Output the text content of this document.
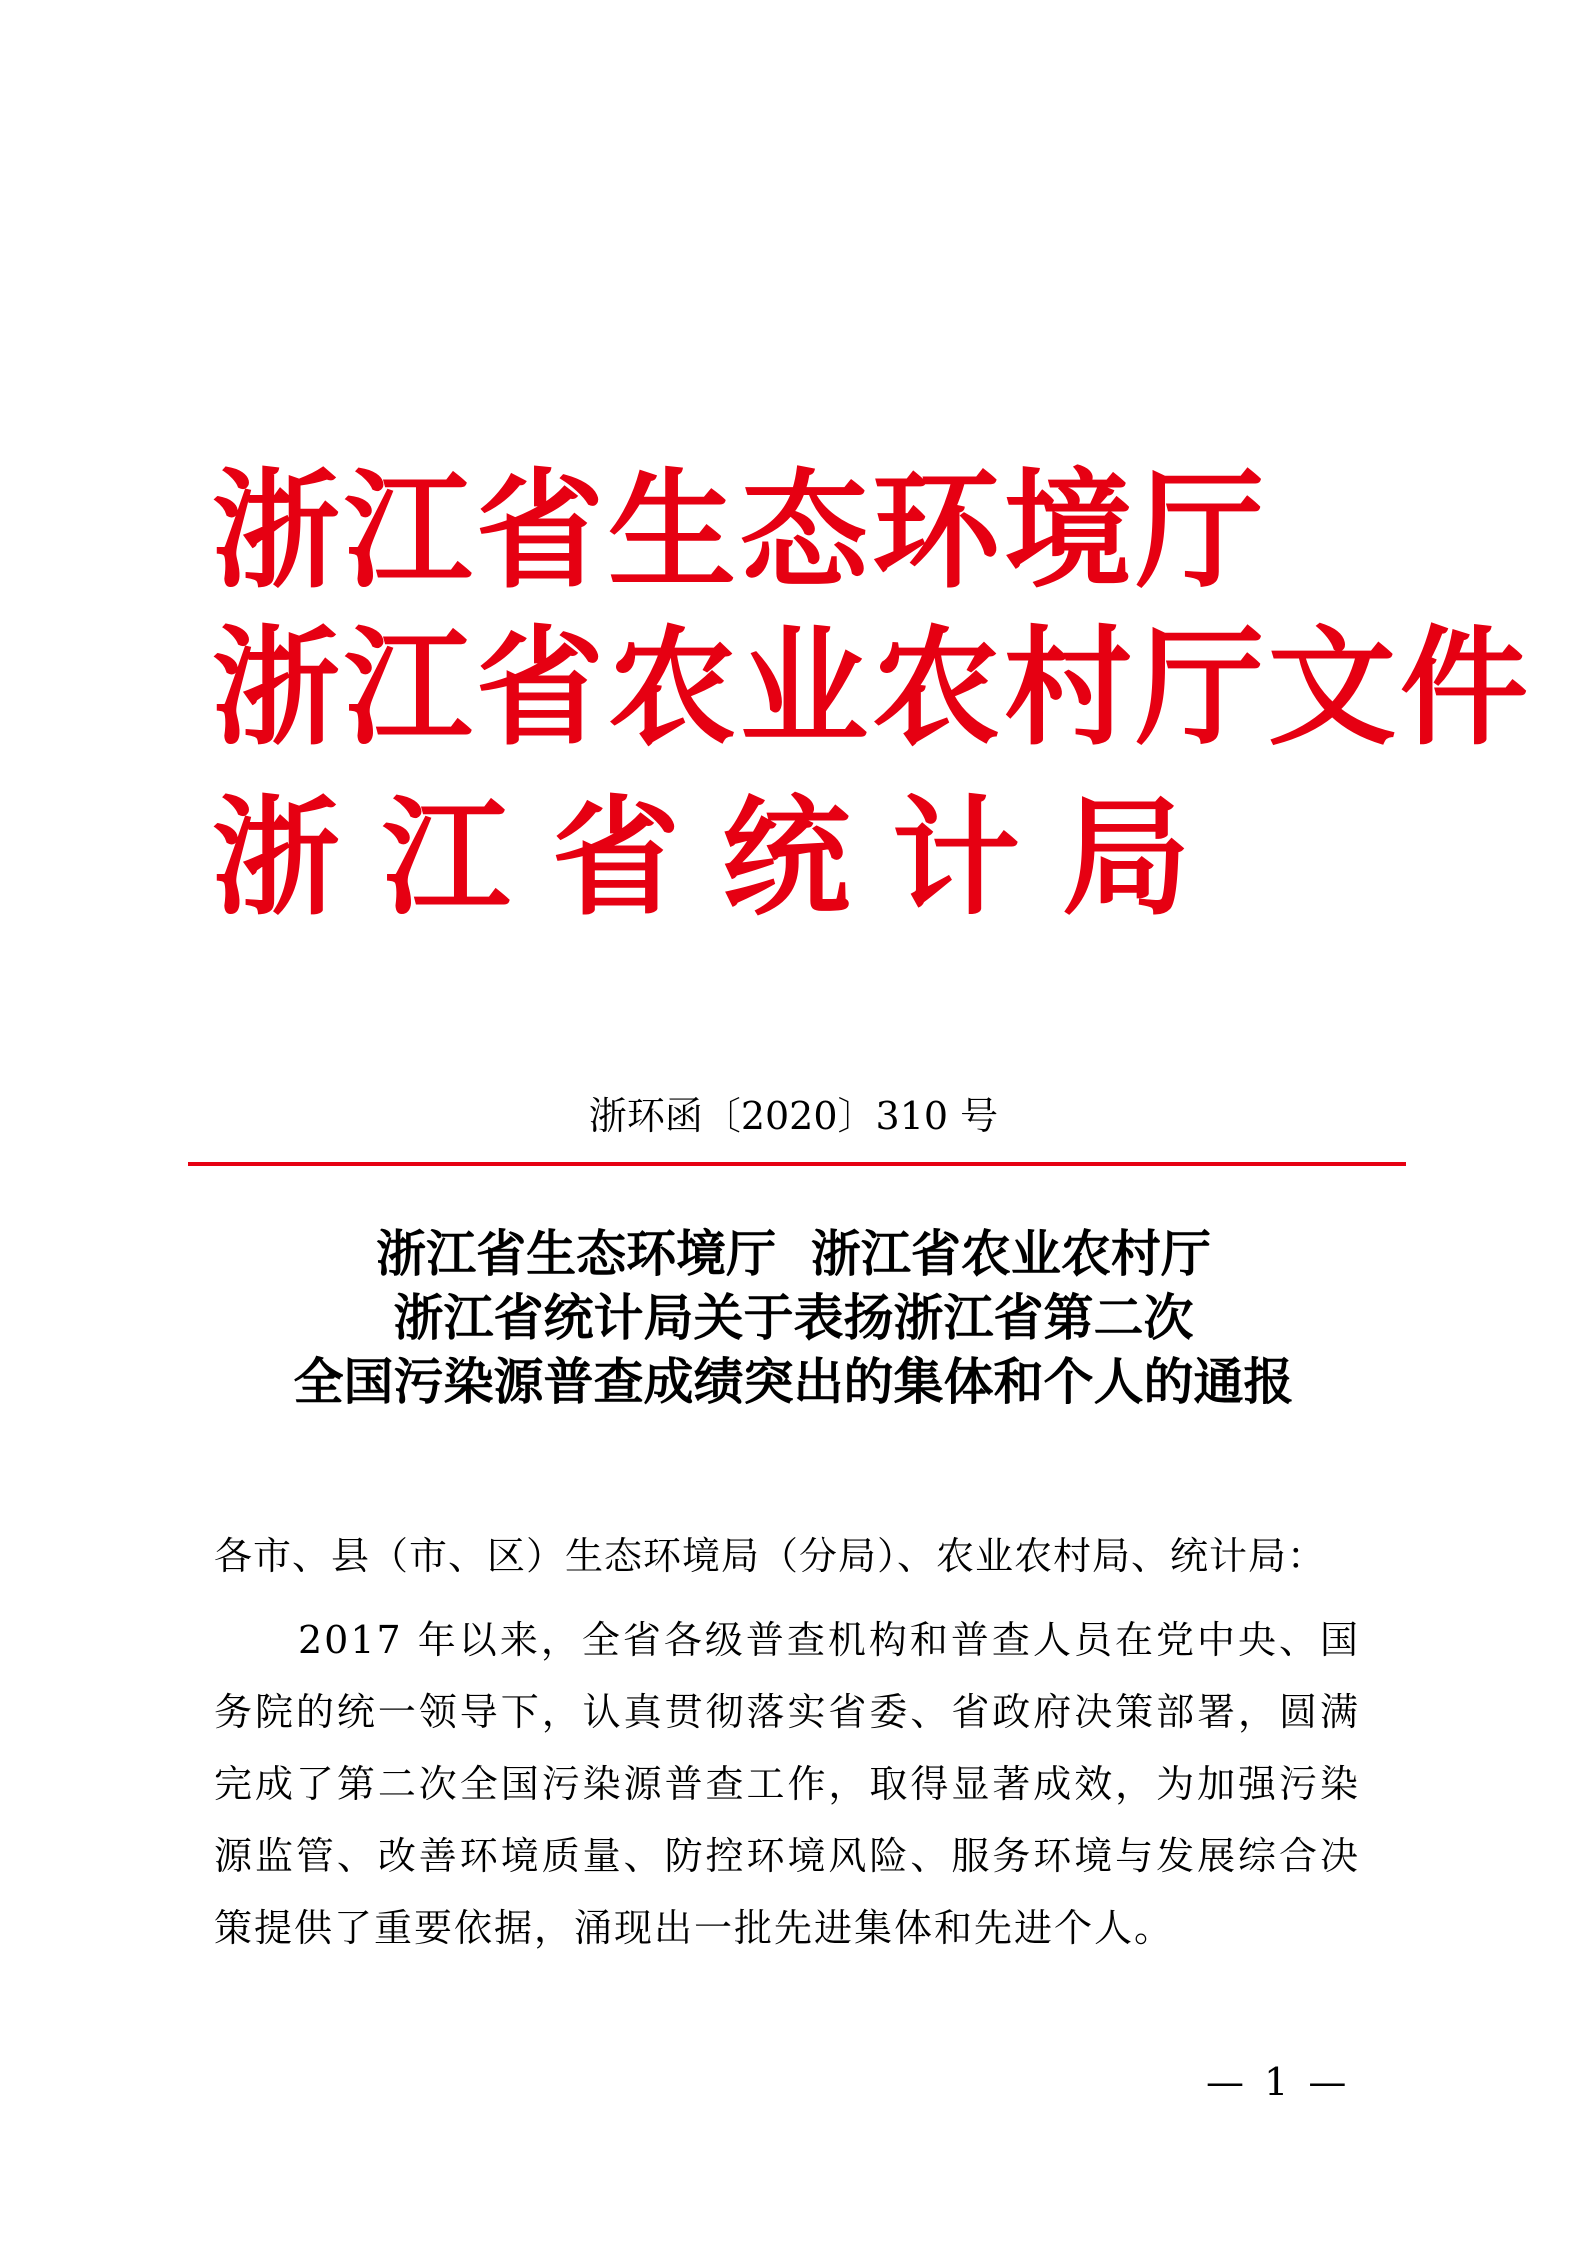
浙江省生态环境厅
浙江省农业农村厅文件
浙江省统计局
浙环函〔2020〕310 号
浙江省生态环境厅  浙江省农业农村厅
浙江省统计局关于表扬浙江省第二次
全国污染源普查成绩突出的集体和个人的通报
各市、县（市、区）生态环境局（分局）、农业农村局、统计局：
2017 年以来，全省各级普查机构和普查人员在党中央、国务院的统一领导下，认真贯彻落实省委、省政府决策部署，圆满完成了第二次全国污染源普查工作，取得显著成效，为加强污染源监管、改善环境质量、防控环境风险、服务环境与发展综合决策提供了重要依据，涌现出一批先进集体和先进个人。
— 1 —
